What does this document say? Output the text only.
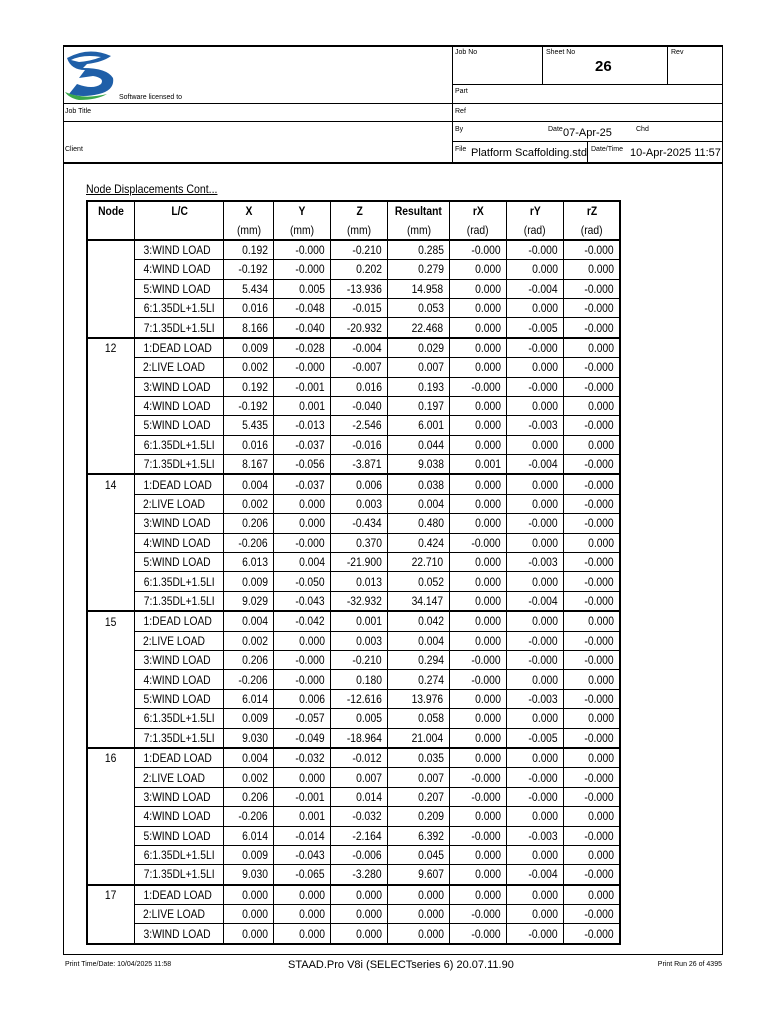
Software licensed to
Job Title
Client
Job No	Sheet No
26
Rev
Part
Ref
By	Date 07-Apr-25	Chd
File Platform Scaffolding.std Date/Time 10-Apr-2025 11:57
Node Displacements Cont...
Node	L/C	X	Y	Z	Resultant	rX	rY	rZ
		(mm)	(mm)	(mm)	(mm)	(rad)	(rad)	(rad)
	3:WIND LOAD	0.192	-0.000	-0.210	0.285	-0.000	-0.000	-0.000
	4:WIND LOAD	-0.192	-0.000	0.202	0.279	0.000	0.000	0.000
	5:WIND LOAD	5.434	0.005	-13.936	14.958	0.000	-0.004	-0.000
	6:1.35DL+1.5LI	0.016	-0.048	-0.015	0.053	0.000	0.000	-0.000
	7:1.35DL+1.5LI	8.166	-0.040	-20.932	22.468	0.000	-0.005	-0.000
12	1:DEAD LOAD	0.009	-0.028	-0.004	0.029	0.000	-0.000	0.000
	2:LIVE LOAD	0.002	-0.000	-0.007	0.007	0.000	0.000	-0.000
	3:WIND LOAD	0.192	-0.001	0.016	0.193	-0.000	-0.000	-0.000
	4:WIND LOAD	-0.192	0.001	-0.040	0.197	0.000	0.000	0.000
	5:WIND LOAD	5.435	-0.013	-2.546	6.001	0.000	-0.003	-0.000
	6:1.35DL+1.5LI	0.016	-0.037	-0.016	0.044	0.000	0.000	0.000
	7:1.35DL+1.5LI	8.167	-0.056	-3.871	9.038	0.001	-0.004	-0.000
14	1:DEAD LOAD	0.004	-0.037	0.006	0.038	0.000	0.000	-0.000
	2:LIVE LOAD	0.002	0.000	0.003	0.004	0.000	0.000	-0.000
	3:WIND LOAD	0.206	0.000	-0.434	0.480	0.000	-0.000	-0.000
	4:WIND LOAD	-0.206	-0.000	0.370	0.424	-0.000	0.000	0.000
	5:WIND LOAD	6.013	0.004	-21.900	22.710	0.000	-0.003	-0.000
	6:1.35DL+1.5LI	0.009	-0.050	0.013	0.052	0.000	0.000	-0.000
	7:1.35DL+1.5LI	9.029	-0.043	-32.932	34.147	0.000	-0.004	-0.000
15	1:DEAD LOAD	0.004	-0.042	0.001	0.042	0.000	0.000	0.000
	2:LIVE LOAD	0.002	0.000	0.003	0.004	0.000	-0.000	-0.000
	3:WIND LOAD	0.206	-0.000	-0.210	0.294	-0.000	-0.000	-0.000
	4:WIND LOAD	-0.206	-0.000	0.180	0.274	-0.000	0.000	0.000
	5:WIND LOAD	6.014	0.006	-12.616	13.976	0.000	-0.003	-0.000
	6:1.35DL+1.5LI	0.009	-0.057	0.005	0.058	0.000	0.000	0.000
	7:1.35DL+1.5LI	9.030	-0.049	-18.964	21.004	0.000	-0.005	-0.000
16	1:DEAD LOAD	0.004	-0.032	-0.012	0.035	0.000	0.000	0.000
	2:LIVE LOAD	0.002	0.000	0.007	0.007	-0.000	-0.000	-0.000
	3:WIND LOAD	0.206	-0.001	0.014	0.207	-0.000	-0.000	-0.000
	4:WIND LOAD	-0.206	0.001	-0.032	0.209	0.000	0.000	0.000
	5:WIND LOAD	6.014	-0.014	-2.164	6.392	-0.000	-0.003	-0.000
	6:1.35DL+1.5LI	0.009	-0.043	-0.006	0.045	0.000	0.000	0.000
	7:1.35DL+1.5LI	9.030	-0.065	-3.280	9.607	0.000	-0.004	-0.000
17	1:DEAD LOAD	0.000	0.000	0.000	0.000	0.000	0.000	0.000
	2:LIVE LOAD	0.000	0.000	0.000	0.000	-0.000	0.000	-0.000
	3:WIND LOAD	0.000	0.000	0.000	0.000	-0.000	-0.000	-0.000
Print Time/Date: 10/04/2025 11:58	STAAD.Pro V8i (SELECTseries 6) 20.07.11.90	Print Run 26 of 4395
